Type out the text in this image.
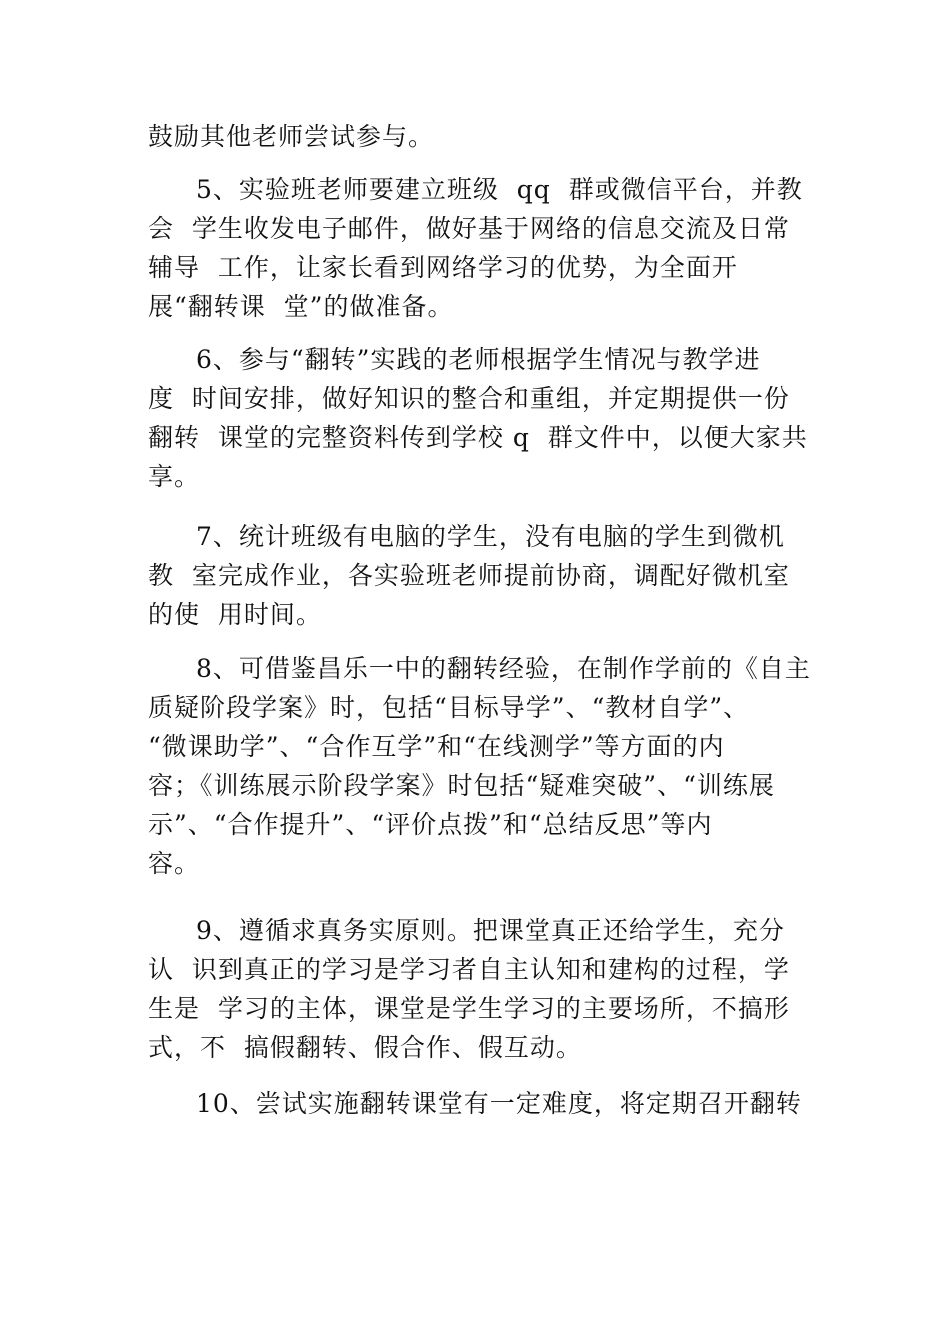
鼓励其他老师尝试参与。

5、实验班老师要建立班级  qq  群或微信平台，并教

会  学生收发电子邮件，做好基于网络的信息交流及日常

辅导  工作，让家长看到网络学习的优势，为全面开

展“翻转课  堂”的做准备。

6、参与“翻转”实践的老师根据学生情况与教学进

度  时间安排，做好知识的整合和重组，并定期提供一份

翻转  课堂的完整资料传到学校 q  群文件中，以便大家共

享。

7、统计班级有电脑的学生，没有电脑的学生到微机

教  室完成作业，各实验班老师提前协商，调配好微机室

的使  用时间。

8、可借鉴昌乐一中的翻转经验，在制作学前的《自主

质疑阶段学案》时，包括“目标导学”、“教材自学”、

“微课助学”、“合作互学”和“在线测学”等方面的内

容；《训练展示阶段学案》时包括“疑难突破”、“训练展

示”、“合作提升”、“评价点拨”和“总结反思”等内

容。

9、遵循求真务实原则。把课堂真正还给学生，充分

认  识到真正的学习是学习者自主认知和建构的过程，学

生是  学习的主体，课堂是学生学习的主要场所，不搞形

式，不  搞假翻转、假合作、假互动。

10、尝试实施翻转课堂有一定难度，将定期召开翻转
